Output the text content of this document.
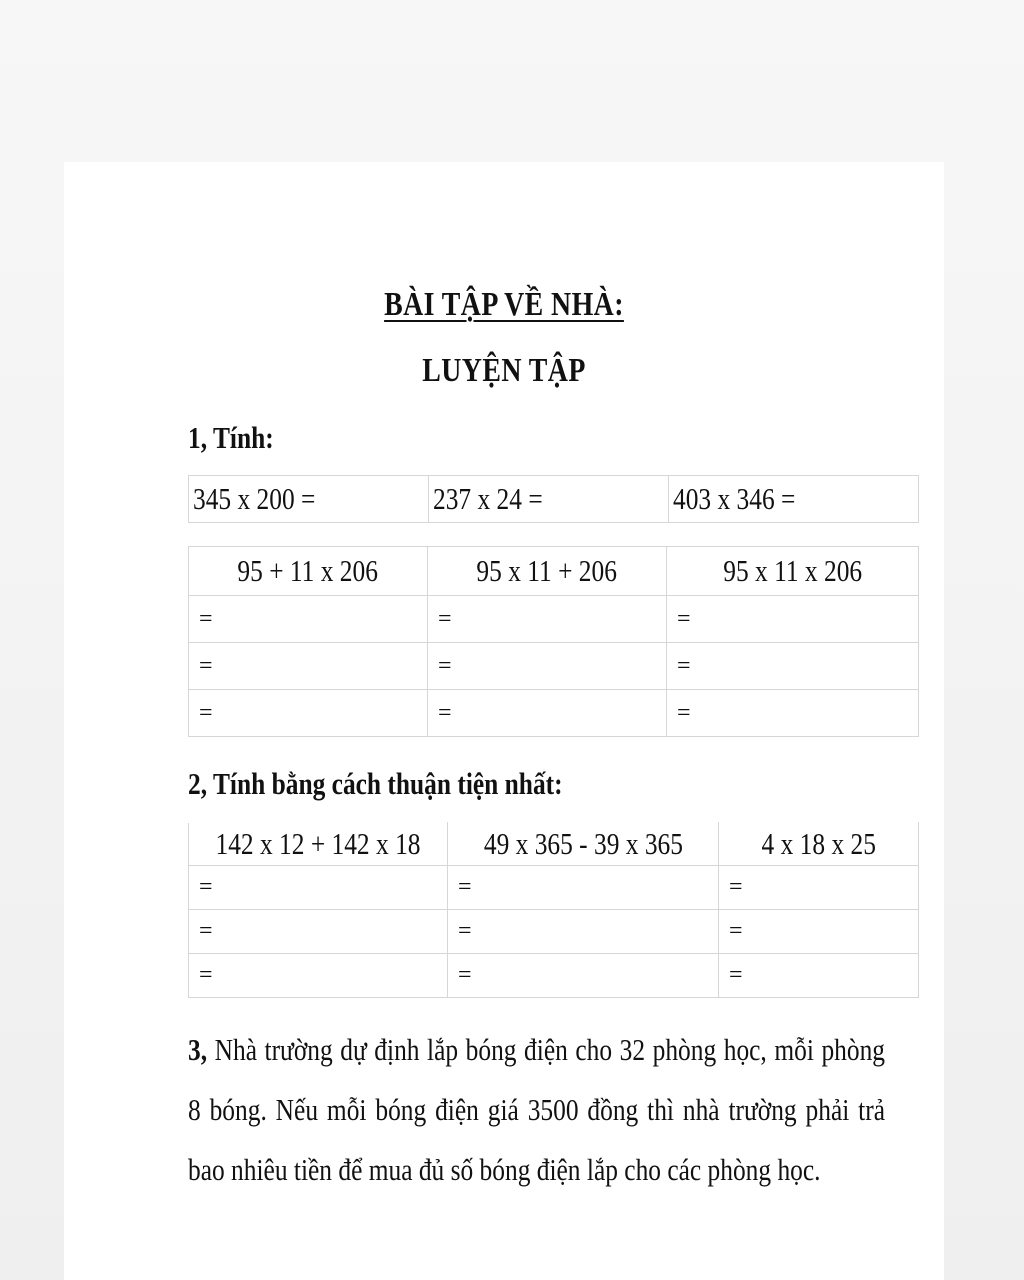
BÀI TẬP VỀ NHÀ:
LUYỆN TẬP
1, Tính:
345 x 200 =	237 x 24 =	403 x 346 =
95 + 11 x 206	95 x 11 + 206	95 x 11 x 206
=	=	=
=	=	=
=	=	=
2, Tính bằng cách thuận tiện nhất:
142 x 12 + 142 x 18	49 x 365 - 39 x 365	4 x 18 x 25
=	=	=
=	=	=
=	=	=
3, Nhà trường dự định lắp bóng điện cho 32 phòng học, mỗi phòng 8 bóng. Nếu mỗi bóng điện giá 3500 đồng thì nhà trường phải trả bao nhiêu tiền để mua đủ số bóng điện lắp cho các phòng học.
